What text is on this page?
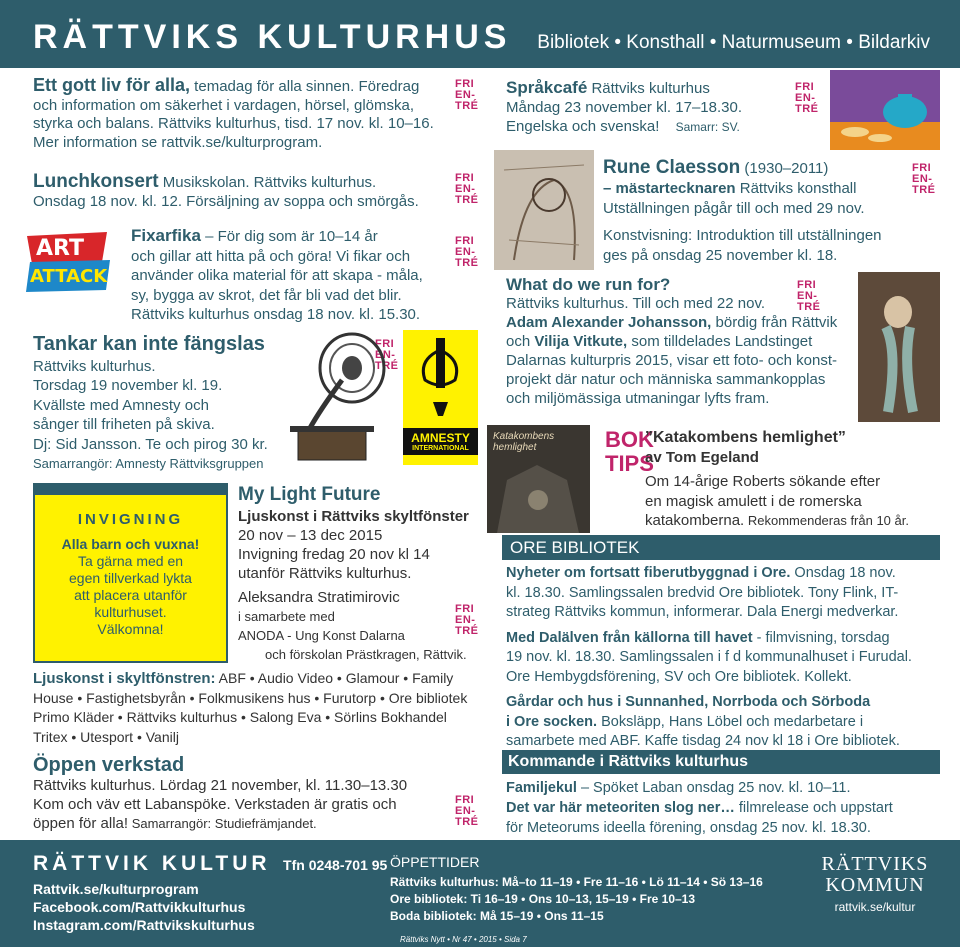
RÄTTVIKS KULTURHUS Bibliotek • Konsthall • Naturmuseum • Bildarkiv
Ett gott liv för alla, temadag för alla sinnen. Föredrag
och information om säkerhet i vardagen, hörsel, glömska,
styrka och balans. Rättviks kulturhus, tisd. 17 nov. kl. 10–16.
Mer information se rattvik.se/kulturprogram.
FRI
EN-
TRÉ
Lunchkonsert Musikskolan. Rättviks kulturhus.
Onsdag 18 nov. kl. 12. Försäljning av soppa och smörgås.
FRI
EN-
TRÉ
ART
ATTACK
Fixarfika – För dig som är 10–14 år
och gillar att hitta på och göra! Vi fikar och
använder olika material för att skapa - måla,
sy, bygga av skrot, det får bli vad det blir.
Rättviks kulturhus onsdag 18 nov. kl. 15.30.
FRI
EN-
TRÉ
Tankar kan inte fängslas
Rättviks kulturhus.
Torsdag 19 november kl. 19.
Kvällste med Amnesty och
sånger till friheten på skiva.
Dj: Sid Jansson. Te och pirog 30 kr.
Samarrangör: Amnesty Rättviksgruppen
FRI
EN-
TRÉ
AMNESTY
INTERNATIONAL
INVIGNING
Alla barn och vuxna!
Ta gärna med en
egen tillverkad lykta
att placera utanför
kulturhuset.
Välkomna!
My Light Future
Ljuskonst i Rättviks skyltfönster
20 nov – 13 dec 2015
Invigning fredag 20 nov kl 14
utanför Rättviks kulturhus.
Aleksandra Stratimirovic
i samarbete med
ANODA - Ung Konst Dalarna
och förskolan Prästkragen, Rättvik.
FRI
EN-
TRÉ
Ljuskonst i skyltfönstren: ABF • Audio Video • Glamour • Family
House • Fastighetsbyrån • Folkmusikens hus • Furutorp • Ore bibliotek
Primo Kläder • Rättviks kulturhus • Salong Eva • Sörlins Bokhandel
Tritex • Utesport • Vanilj
Öppen verkstad
Rättviks kulturhus. Lördag 21 november, kl. 11.30–13.30
Kom och väv ett Labanspöke. Verkstaden är gratis och
öppen för alla! Samarrangör: Studiefrämjandet.
FRI
EN-
TRÉ
Språkcafé Rättviks kulturhus
Måndag 23 november kl. 17–18.30.
Engelska och svenska! Samarr: SV.
FRI
EN-
TRÉ
Rune Claesson (1930–2011)
– mästartecknaren Rättviks konsthall
Utställningen pågår till och med 29 nov.
Konstvisning: Introduktion till utställningen
ges på onsdag 25 november kl. 18.
FRI
EN-
TRÉ
What do we run for?
Rättviks kulturhus. Till och med 22 nov.
Adam Alexander Johansson, bördig från Rättvik
och Vilija Vitkute, som tilldelades Landstinget
Dalarnas kulturpris 2015, visar ett foto- och konst-
projekt där natur och människa sammankopplas
och miljömässiga utmaningar lyfts fram.
FRI
EN-
TRÉ
Katakombens hemlighet	BOK
TIPS
”Katakombens hemlighet”
av Tom Egeland
Om 14-årige Roberts sökande efter
en magisk amulett i de romerska
katakomberna. Rekommenderas från 10 år.
ORE BIBLIOTEK
Nyheter om fortsatt fiberutbyggnad i Ore. Onsdag 18 nov.
kl. 18.30. Samlingssalen bredvid Ore bibliotek. Tony Flink, IT-
strateg Rättviks kommun, informerar. Dala Energi medverkar.
Med Dalälven från källorna till havet - filmvisning, torsdag
19 nov. kl. 18.30. Samlingssalen i f d kommunalhuset i Furudal.
Ore Hembygdsförening, SV och Ore bibliotek. Kollekt.
Gårdar och hus i Sunnanhed, Norrboda och Sörboda
i Ore socken. Boksläpp, Hans Löbel och medarbetare i
samarbete med ABF. Kaffe tisdag 24 nov kl 18 i Ore bibliotek.
Kommande i Rättviks kulturhus
Familjekul – Spöket Laban onsdag 25 nov. kl. 10–11.
Det var här meteoriten slog ner… filmrelease och uppstart
för Meteorums ideella förening, onsdag 25 nov. kl. 18.30.
RÄTTVIK KULTUR Tfn 0248-701 95
Rattvik.se/kulturprogram
Facebook.com/Rattvikkulturhus
Instagram.com/Rattvikskulturhus
ÖPPETTIDER
Rättviks kulturhus: Må–to 11–19 • Fre 11–16 • Lö 11–14 • Sö 13–16
Ore bibliotek: Ti 16–19 • Ons 10–13, 15–19 • Fre 10–13
Boda bibliotek: Må 15–19 • Ons 11–15
RÄTTVIKS
KOMMUN
rattvik.se/kultur
Rättviks Nytt • Nr 47 • 2015 • Sida 7
